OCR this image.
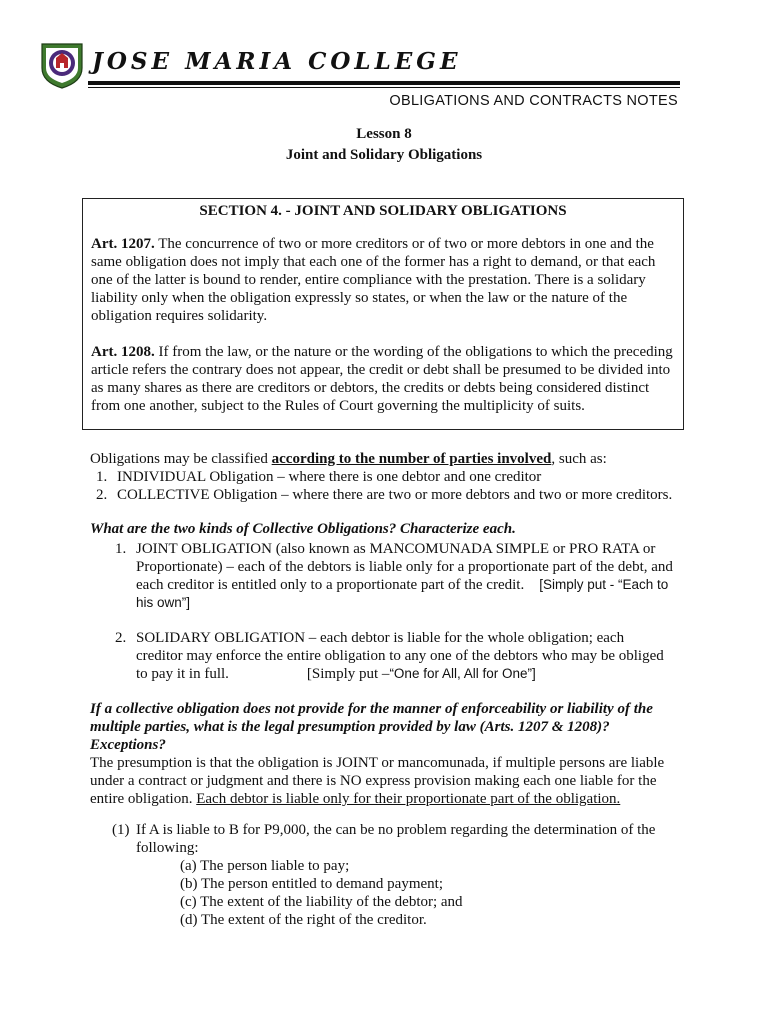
JOSE MARIA COLLEGE
OBLIGATIONS AND CONTRACTS NOTES
Lesson 8
Joint and Solidary Obligations
SECTION 4. - JOINT AND SOLIDARY OBLIGATIONS
Art. 1207. The concurrence of two or more creditors or of two or more debtors in one and the
same obligation does not imply that each one of the former has a right to demand, or that each
one of the latter is bound to render, entire compliance with the prestation. There is a solidary
liability only when the obligation expressly so states, or when the law or the nature of the
obligation requires solidarity.
Art. 1208. If from the law, or the nature or the wording of the obligations to which the preceding
article refers the contrary does not appear, the credit or debt shall be presumed to be divided into
as many shares as there are creditors or debtors, the credits or debts being considered distinct
from one another, subject to the Rules of Court governing the multiplicity of suits.
Obligations may be classified according to the number of parties involved, such as:
1. INDIVIDUAL Obligation – where there is one debtor and one creditor
2. COLLECTIVE Obligation – where there are two or more debtors and two or more creditors.
What are the two kinds of Collective Obligations? Characterize each.
1. JOINT OBLIGATION (also known as MANCOMUNADA SIMPLE or PRO RATA or
Proportionate) – each of the debtors is liable only for a proportionate part of the debt, and
each creditor is entitled only to a proportionate part of the credit. [Simply put - “Each to
his own”]
2. SOLIDARY OBLIGATION – each debtor is liable for the whole obligation; each
creditor may enforce the entire obligation to any one of the debtors who may be obliged
to pay it in full.	[Simply put –“One for All, All for One”]
If a collective obligation does not provide for the manner of enforceability or liability of the
multiple parties, what is the legal presumption provided by law (Arts. 1207 & 1208)?
Exceptions?
The presumption is that the obligation is JOINT or mancomunada, if multiple persons are liable
under a contract or judgment and there is NO express provision making each one liable for the
entire obligation. Each debtor is liable only for their proportionate part of the obligation.
(1) If A is liable to B for P9,000, the can be no problem regarding the determination of the
following:
(a) The person liable to pay;
(b) The person entitled to demand payment;
(c) The extent of the liability of the debtor; and
(d) The extent of the right of the creditor.
